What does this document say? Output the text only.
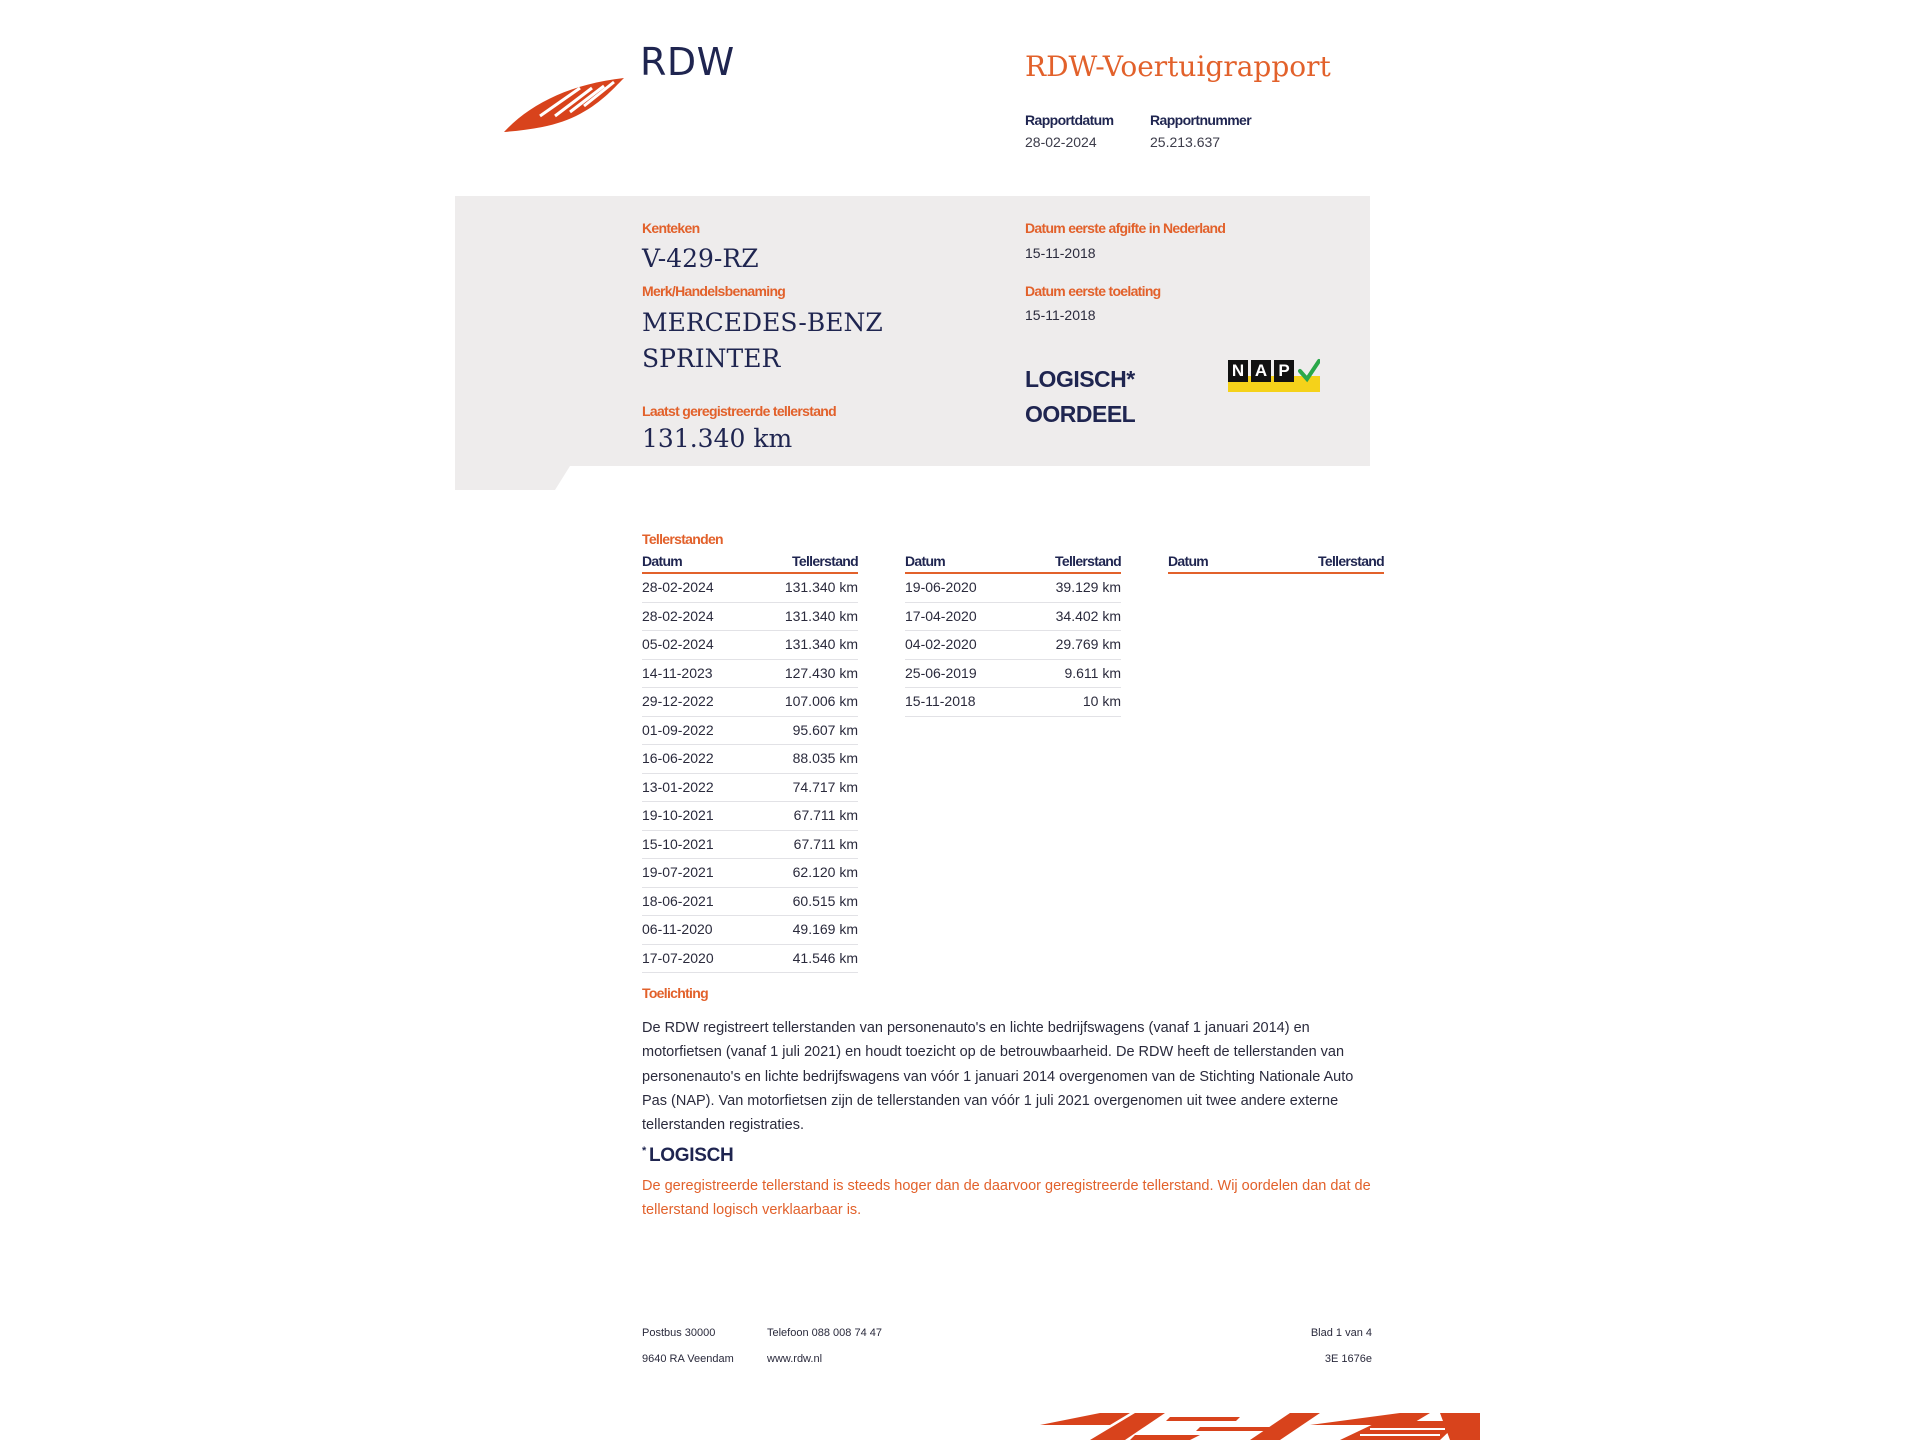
RDW	RDW-Voertuigrapport
Rapportdatum
28-02-2024
Rapportnummer
25.213.637
Kenteken
V-429-RZ
Merk/Handelsbenaming
MERCEDES-BENZ
SPRINTER
Laatst geregistreerde tellerstand
131.340 km
Datum eerste afgifte in Nederland
15-11-2018
Datum eerste toelating
15-11-2018
LOGISCH*
OORDEEL
N A P
Tellerstanden
Datum	Tellerstand
28-02-2024	131.340 km
28-02-2024	131.340 km
05-02-2024	131.340 km
14-11-2023	127.430 km
29-12-2022	107.006 km
01-09-2022	95.607 km
16-06-2022	88.035 km
13-01-2022	74.717 km
19-10-2021	67.711 km
15-10-2021	67.711 km
19-07-2021	62.120 km
18-06-2021	60.515 km
06-11-2020	49.169 km
17-07-2020	41.546 km
Datum	Tellerstand
19-06-2020	39.129 km
17-04-2020	34.402 km
04-02-2020	29.769 km
25-06-2019	9.611 km
15-11-2018	10 km
Datum	Tellerstand
Toelichting
De RDW registreert tellerstanden van personenauto's en lichte bedrijfswagens (vanaf 1 januari 2014) en motorfietsen (vanaf 1 juli 2021) en houdt toezicht op de betrouwbaarheid. De RDW heeft de tellerstanden van personenauto's en lichte bedrijfswagens van vóór 1 januari 2014 overgenomen van de Stichting Nationale Auto Pas (NAP). Van motorfietsen zijn de tellerstanden van vóór 1 juli 2021 overgenomen uit twee andere externe tellerstanden registraties.
* LOGISCH
De geregistreerde tellerstand is steeds hoger dan de daarvoor geregistreerde tellerstand. Wij oordelen dan dat de tellerstand logisch verklaarbaar is.
Postbus 30000
9640 RA Veendam
Telefoon 088 008 74 47
www.rdw.nl
Blad 1 van 4
3E 1676e
